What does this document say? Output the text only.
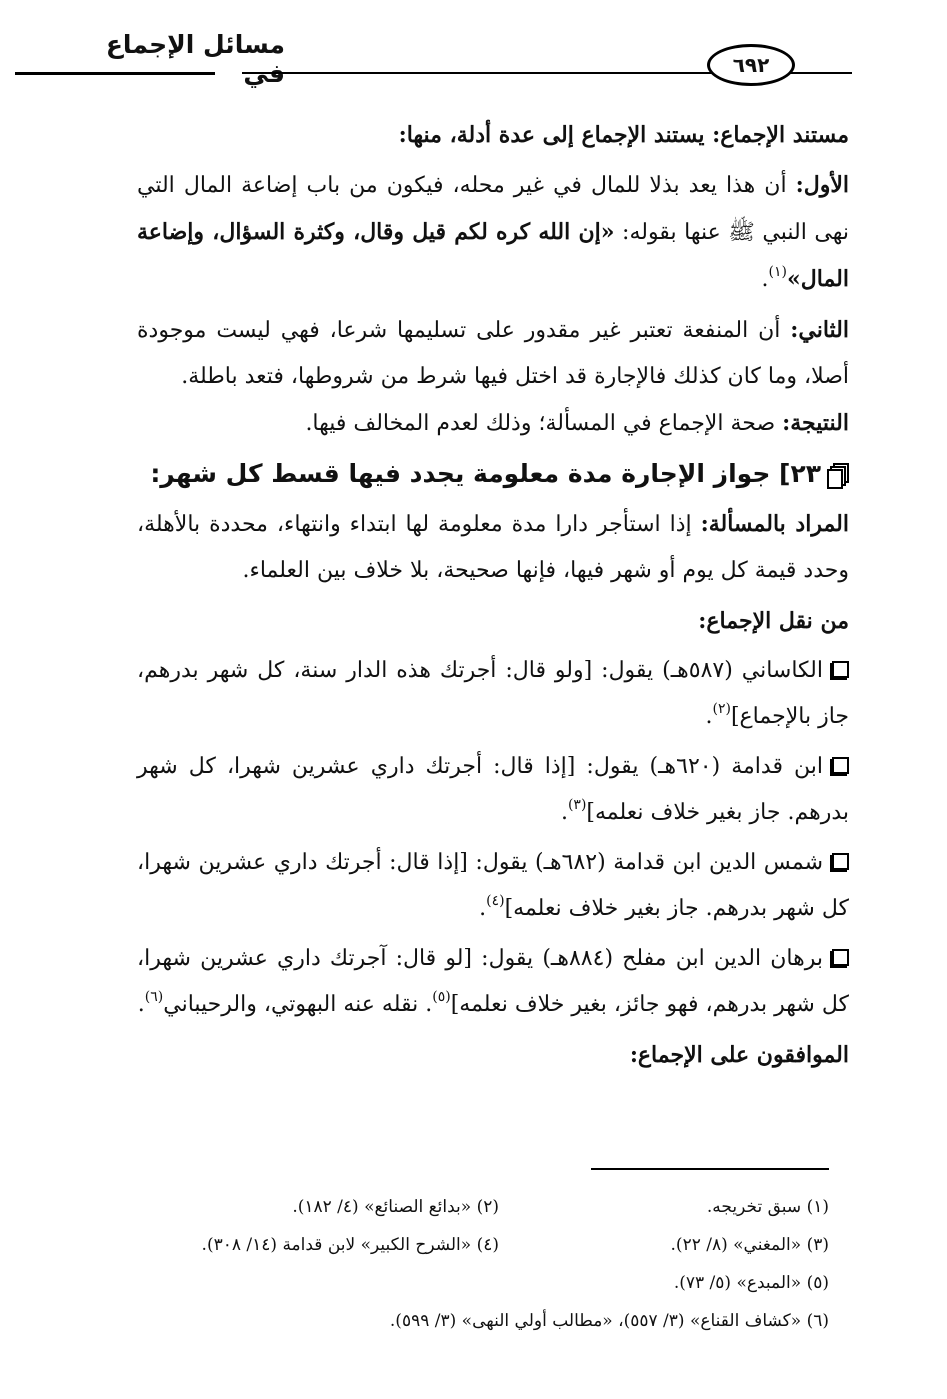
مسائل الإجماع في	٦٩٢

مستند الإجماع: يستند الإجماع إلى عدة أدلة، منها:

الأول: أن هذا يعد بذلا للمال في غير محله، فيكون من باب إضاعة المال التي نهى النبي ﷺ عنها بقوله: «إن الله كره لكم قيل وقال، وكثرة السؤال، وإضاعة المال»$^{(١)}$.

الثاني: أن المنفعة تعتبر غير مقدور على تسليمها شرعا، فهي ليست موجودة أصلا، وما كان كذلك فالإجارة قد اختل فيها شرط من شروطها، فتعد باطلة.

النتيجة: صحة الإجماع في المسألة؛ وذلك لعدم المخالف فيها.

٢٣] جواز الإجارة مدة معلومة يجدد فيها قسط كل شهر:

المراد بالمسألة: إذا استأجر دارا مدة معلومة لها ابتداء وانتهاء، محددة بالأهلة، وحدد قيمة كل يوم أو شهر فيها، فإنها صحيحة، بلا خلاف بين العلماء.

من نقل الإجماع:

الكاساني (٥٨٧هـ) يقول: [ولو قال: أجرتك هذه الدار سنة، كل شهر بدرهم، جاز بالإجماع]$^{(٢)}$.

ابن قدامة (٦٢٠هـ) يقول: [إذا قال: أجرتك داري عشرين شهرا، كل شهر بدرهم. جاز بغير خلاف نعلمه]$^{(٣)}$.

شمس الدين ابن قدامة (٦٨٢هـ) يقول: [إذا قال: أجرتك داري عشرين شهرا، كل شهر بدرهم. جاز بغير خلاف نعلمه]$^{(٤)}$.

برهان الدين ابن مفلح (٨٨٤هـ) يقول: [لو قال: آجرتك داري عشرين شهرا، كل شهر بدرهم، فهو جائز، بغير خلاف نعلمه]$^{(٥)}$. نقله عنه البهوتي، والرحيباني$^{(٦)}$.

الموافقون على الإجماع:

(١) سبق تخريجه.
(٢) «بدائع الصنائع» (٤/ ١٨٢).
(٣) «المغني» (٨/ ٢٢).
(٤) «الشرح الكبير» لابن قدامة (١٤/ ٣٠٨).
(٥) «المبدع» (٥/ ٧٣).
(٦) «كشاف القناع» (٣/ ٥٥٧)، «مطالب أولي النهى» (٣/ ٥٩٩).
